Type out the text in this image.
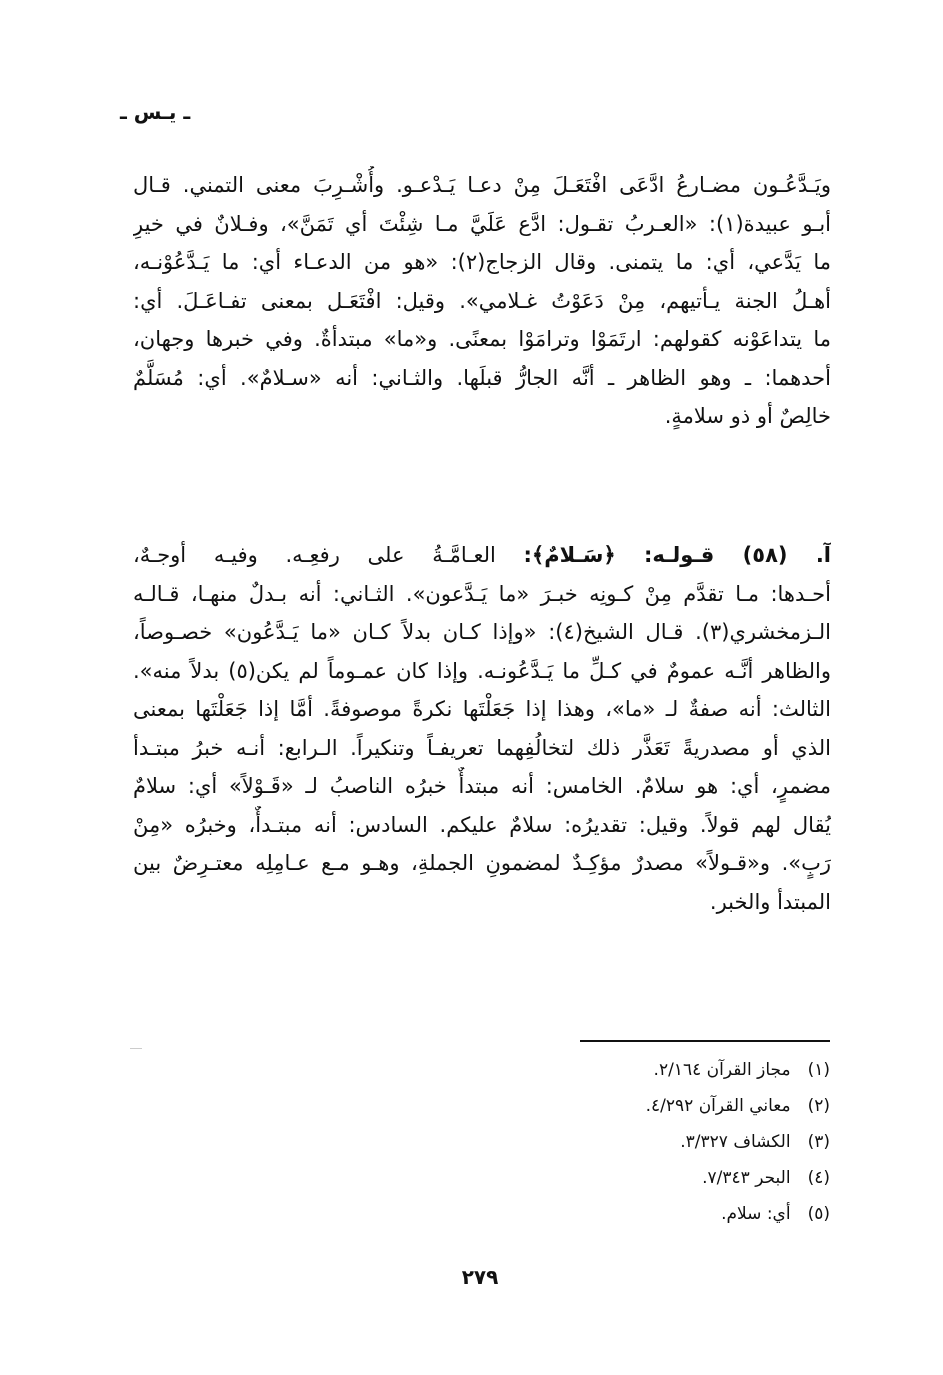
ـ يـس ـ
ويَـدَّعُـون مضـارعُ ادَّعَى افْتَعَـلَ مِنْ دعـا يَـدْعـو. وأُشْـرِبَ معنى التمني. قـال
أبـو عبيدة(١): «العـربُ تقـول: ادَّع عَلَيَّ مـا شِئْتَ أي تَمَنَّ»، وفـلانٌ في خيرِ
ما يَدَّعي، أي: ما يتمنى. وقال الزجاج(٢): «هو من الدعـاء أي: ما يَـدَّعُوْنـه،
أهـلُ الجنة يـأتيهم، مِنْ دَعَوْتُ غـلامي». وقيل: افْتَعَـل بمعنى تفـاعَـلَ. أي:
ما يتداعَوْنه كقولهم: ارتَمَوْا وترامَوْا بمعنًى. و«ما» مبتدأةٌ. وفي خبرها وجهان،
أحدهما: ـ وهو الظاهر ـ أنَّه الجارُّ قبلَها. والثـاني: أنه «سـلامٌ». أي: مُسَلَّمٌ
خالِصٌ أو ذو سلامةٍ.
آ. (٥٨) قـولـه: ﴿سَـلامٌ﴾: العـامَّـةُ على رفعِـه. وفيـه أوجـهٌ،
أحـدها: مـا تقدَّم مِنْ كـونِه خبـرَ «ما يَـدَّعون». الثـاني: أنه بـدلٌ منهـا، قـالـه
الـزمخشري(٣). قـال الشيخ(٤): «وإذا كـان بدلاً كـان «ما يَـدَّعُون» خصـوصاً،
والظاهر أنَّـه عمومٌ في كـلِّ ما يَـدَّعُونـه. وإذا كان عمـوماً لم يكن(٥) بدلاً منه».
الثالث: أنه صفةٌ لـ «ما»، وهذا إذا جَعَلْتَها نكرةً موصوفةً. أمَّا إذا جَعَلْتَها بمعنى
الذي أو مصدريةً تَعَذَّر ذلك لتخالُفِهما تعريفـاً وتنكيراً. الـرابع: أنـه خبرُ مبتـدأ
مضمرٍ، أي: هو سلامٌ. الخامس: أنه مبتدأٌ خبرُه الناصبُ لـ «قَـوْلاً» أي: سلامٌ
يُقال لهم قولاً. وقيل: تقديرُه: سلامٌ عليكم. السادس: أنه مبتـدأٌ، وخبرُه «مِنْ
رَبٍ». و«قـولاً» مصدرٌ مؤكِـدٌ لمضمونِ الجملةِ، وهـو مـع عـامِلِه معتـرِضٌ بين
المبتدأ والخبر.
(١) مجاز القرآن ٢/١٦٤.
(٢) معاني القرآن ٤/٢٩٢.
(٣) الكشاف ٣/٣٢٧.
(٤) البحر ٧/٣٤٣.
(٥) أي: سلام.
٢٧٩
